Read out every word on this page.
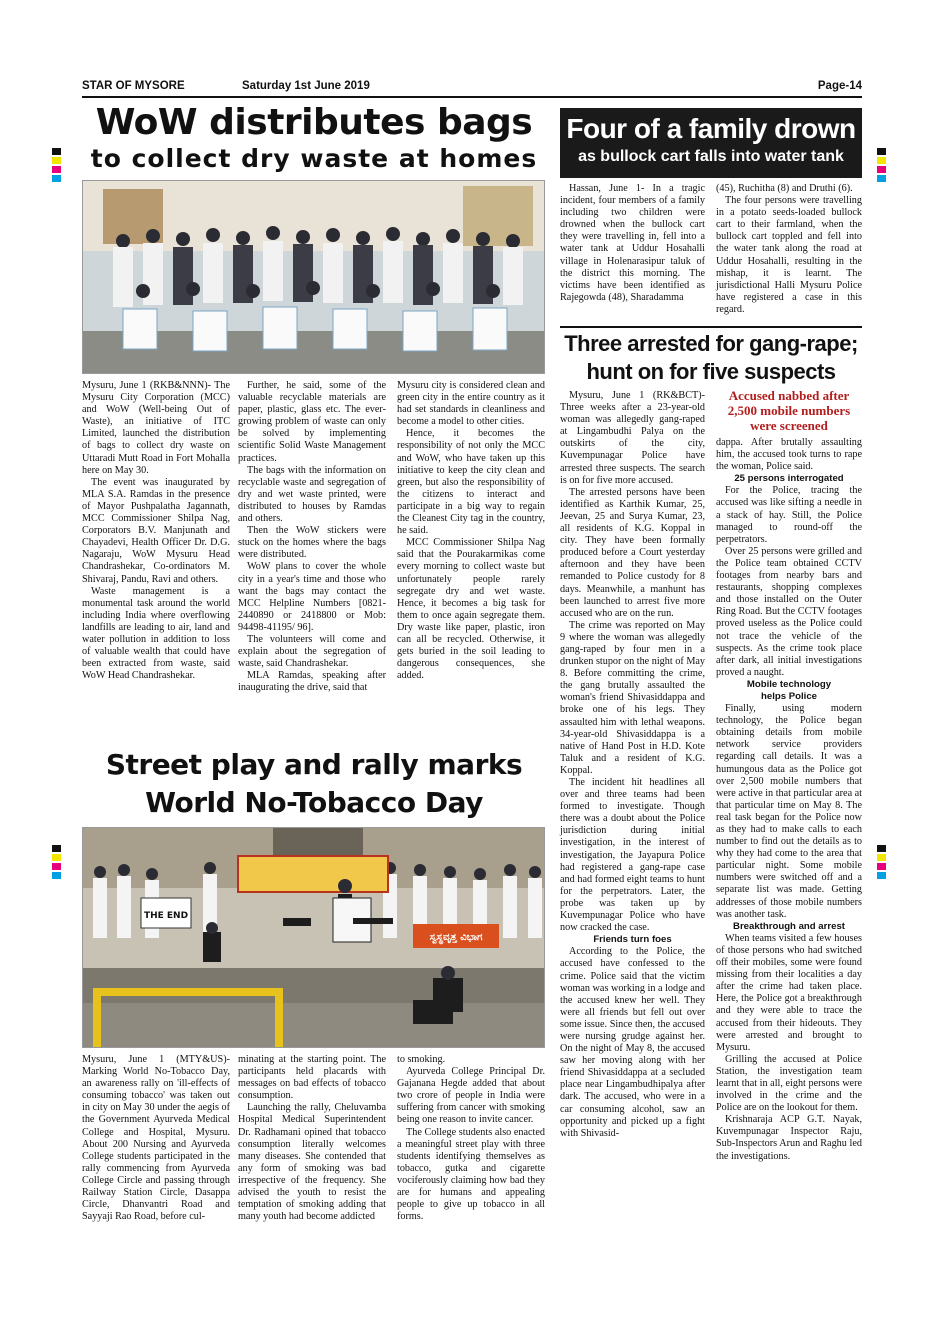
STAR OF MYSORE	Saturday 1st June 2019	Page-14
WoW distributes bags
to collect dry waste at homes

Mysuru, June 1 (RKB&NNN)- The Mysuru City Corporation (MCC) and WoW (Well-being Out of Waste), an initiative of ITC Limited, launched the distribution of bags to collect dry waste on Uttaradi Mutt Road in Fort Mohalla here on May 30.

The event was inaugurated by MLA S.A. Ramdas in the presence of Mayor Pushpalatha Jagannath, MCC Commissioner Shilpa Nag, Corporators B.V. Manjunath and Chayadevi, Health Officer Dr. D.G. Nagaraju, WoW Mysuru Head Chandrashekar, Co-ordinators M. Shivaraj, Pandu, Ravi and others.

Waste management is a monumental task around the world including India where overflowing landfills are leading to air, land and water pollution in addition to loss of valuable wealth that could have been extracted from waste, said WoW Head Chandrashekar.

Further, he said, some of the valuable recyclable materials are paper, plastic, glass etc. The ever-growing problem of waste can only be solved by implementing scientific Solid Waste Management practices.

The bags with the information on recyclable waste and segregation of dry and wet waste printed, were distributed to houses by Ramdas and others.

Then the WoW stickers were stuck on the homes where the bags were distributed.

WoW plans to cover the whole city in a year's time and those who want the bags may contact the MCC Helpline Numbers [0821-2440890 or 2418800 or Mob: 94498-41195/ 96].

The volunteers will come and explain about the segregation of waste, said Chandrashekar.

MLA Ramdas, speaking after inaugurating the drive, said that

Mysuru city is considered clean and green city in the entire country as it had set standards in cleanliness and become a model to other cities.

Hence, it becomes the responsibility of not only the MCC and WoW, who have taken up this initiative to keep the city clean and green, but also the responsibility of the citizens to interact and participate in a big way to regain the Cleanest City tag in the country, he said.

MCC Commissioner Shilpa Nag said that the Pourakarmikas come every morning to collect waste but unfortunately people rarely segregate dry and wet waste. Hence, it becomes a big task for them to once again segregate them. Dry waste like paper, plastic, iron can all be recycled. Otherwise, it gets buried in the soil leading to dangerous consequences, she added.

Street play and rally marks
World No-Tobacco Day
ಸ್ವಸ್ಥವೃತ್ತ ವಿಭಾಗ
THE END

Mysuru, June 1 (MTY&US)- Marking World No-Tobacco Day, an awareness rally on 'ill-effects of consuming tobacco' was taken out in city on May 30 under the aegis of the Government Ayurveda Medical College and Hospital, Mysuru. About 200 Nursing and Ayurveda College students participated in the rally commencing from Ayurveda College Circle and passing through Railway Station Circle, Dasappa Circle, Dhanvantri Road and Sayyaji Rao Road, before cul-

minating at the starting point. The participants held placards with messages on bad effects of tobacco consumption.

Launching the rally, Cheluvamba Hospital Medical Superintendent Dr. Radhamani opined that tobacco consumption literally welcomes many diseases. She contended that any form of smoking was bad irrespective of the frequency. She advised the youth to resist the temptation of smoking adding that many youth had become addicted

to smoking.

Ayurveda College Principal Dr. Gajanana Hegde added that about two crore of people in India were suffering from cancer with smoking being one reason to invite cancer.

The College students also enacted a meaningful street play with three students identifying themselves as tobacco, gutka and cigarette vociferously claiming how bad they are for humans and appealing people to give up tobacco in all forms.

Four of a family drown
as bullock cart falls into water tank

Hassan, June 1- In a tragic incident, four members of a family including two children were drowned when the bullock cart they were travelling in, fell into a water tank at Uddur Hosahalli village in Holenarasipur taluk of the district this morning. The victims have been identified as Rajegowda (48), Sharadamma

(45), Ruchitha (8) and Druthi (6).

The four persons were travelling in a potato seeds-loaded bullock cart to their farmland, when the bullock cart toppled and fell into the water tank along the road at Uddur Hosahalli, resulting in the mishap, it is learnt. The jurisdictional Halli Mysuru Police have registered a case in this regard.

Three arrested for gang-rape;
hunt on for five suspects

Mysuru, June 1 (RK&BCT)- Three weeks after a 23-year-old woman was allegedly gang-raped at Lingambudhi Palya on the outskirts of the city, Kuvempunagar Police have arrested three suspects. The search is on for five more accused.

The arrested persons have been identified as Karthik Kumar, 25, Jeevan, 25 and Surya Kumar, 23, all residents of K.G. Koppal in city. They have been formally produced before a Court yesterday afternoon and they have been remanded to Police custody for 8 days. Meanwhile, a manhunt has been launched to arrest five more accused who are on the run.

The crime was reported on May 9 where the woman was allegedly gang-raped by four men in a drunken stupor on the night of May 8. Before committing the crime, the gang brutally assaulted the woman's friend Shivasiddappa and broke one of his legs. They assaulted him with lethal weapons. 34-year-old Shivasiddappa is a native of Hand Post in H.D. Kote Taluk and a resident of K.G. Koppal.

The incident hit headlines all over and three teams had been formed to investigate. Though there was a doubt about the Police jurisdiction during initial investigation, in the interest of investigation, the Jayapura Police had registered a gang-rape case and had formed eight teams to hunt for the perpetrators. Later, the probe was taken up by Kuvempunagar Police who have now cracked the case.

Friends turn foes

According to the Police, the accused have confessed to the crime. Police said that the victim woman was working in a lodge and the accused knew her well. They were all friends but fell out over some issue. Since then, the accused were nursing grudge against her. On the night of May 8, the accused saw her moving along with her friend Shivasiddappa at a secluded place near Lingambudhipalya after dark. The accused, who were in a car consuming alcohol, saw an opportunity and picked up a fight with Shivasid-

Accused nabbed after
2,500 mobile numbers
were screened

dappa. After brutally assaulting him, the accused took turns to rape the woman, Police said.

25 persons interrogated

For the Police, tracing the accused was like sifting a needle in a stack of hay. Still, the Police managed to round-off the perpetrators.

Over 25 persons were grilled and the Police team obtained CCTV footages from nearby bars and restaurants, shopping complexes and those installed on the Outer Ring Road. But the CCTV footages proved useless as the Police could not trace the vehicle of the suspects. As the crime took place after dark, all initial investigations proved a naught.

Mobile technology

helps Police

Finally, using modern technology, the Police began obtaining details from mobile network service providers regarding call details. It was a humungous data as the Police got over 2,500 mobile numbers that were active in that particular area at that particular time on May 8. The real task began for the Police now as they had to make calls to each number to find out the details as to why they had come to the area that particular night. Some mobile numbers were switched off and a separate list was made. Getting addresses of those mobile numbers was another task.

Breakthrough and arrest

When teams visited a few houses of those persons who had switched off their mobiles, some were found missing from their localities a day after the crime had taken place. Here, the Police got a breakthrough and they were able to trace the accused from their hideouts. They were arrested and brought to Mysuru.

Grilling the accused at Police Station, the investigation team learnt that in all, eight persons were involved in the crime and the Police are on the lookout for them.

Krishnaraja ACP G.T. Nayak, Kuvempunagar Inspector Raju, Sub-Inspectors Arun and Raghu led the investigations.
